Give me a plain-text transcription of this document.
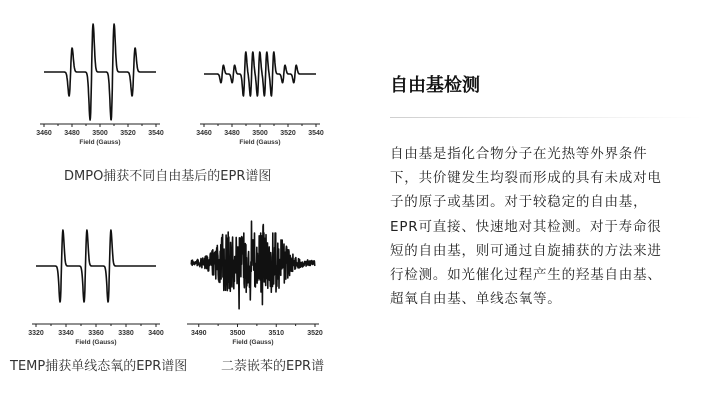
3460 3480 3500 3520 3540
Field (Gauss)
3460 3480 3500 3520 3540
Field (Gauss)
3320 3340 3360 3380 3400
Field (Gauss)
3490	3500	3510	3520
Field (Gauss)
DMPO捕获不同自由基后的EPR谱图
TEMP捕获单线态氧的EPR谱图	二萘嵌苯的EPR谱
自由基检测
自由基是指化合物分子在光热等外界条件
下，共价键发生均裂而形成的具有未成对电
子的原子或基团。对于较稳定的自由基，
EPR可直接、快速地对其检测。对于寿命很
短的自由基，则可通过自旋捕获的方法来进
行检测。如光催化过程产生的羟基自由基、
超氧自由基、单线态氧等。
